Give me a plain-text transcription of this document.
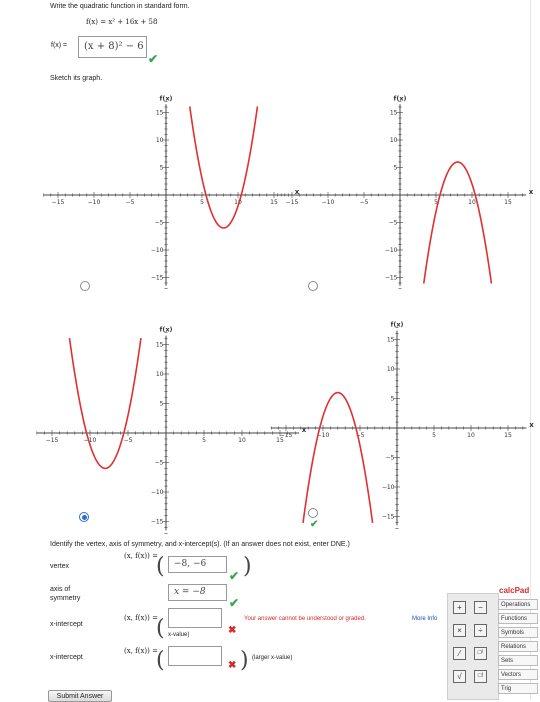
Write the quadratic function in standard form.
f(x) = x² + 16x + 58
f(x) =	(x + 8)² − 6
✔
Sketch its graph.
−15	−10	−5	5	10	15
15
10
5
−5
−10
−15
f(x)
x
−15	−10	−5	5	10	15
15
10
5
−5
−10
−15
f(x)
x
−15	−10	−5	5	10	15
15
10
5
−5
−10
−15
f(x)
x
−15	−10	−5	5	10	15
15
10
5
−5
−10
−15
f(x)
x
✔
Identify the vertex, axis of symmetry, and x-intercept(s). (If an answer does not exist, enter DNE.)
(x, f(x)) =
vertex	(	−8, −6
✔ )
axis of symmetry
x = −8
✔
(x, f(x)) =
x-intercept	(	✖
Your answer cannot be understood or graded.	More Info
x-value)
(x, f(x)) =
x-intercept	(	✖ ) (larger x-value)
calcPad
+	−
×	÷
⁄	□²
√	□!
Operations
Functions
Symbols
Relations
Sets
Vectors
Trig
Submit Answer
